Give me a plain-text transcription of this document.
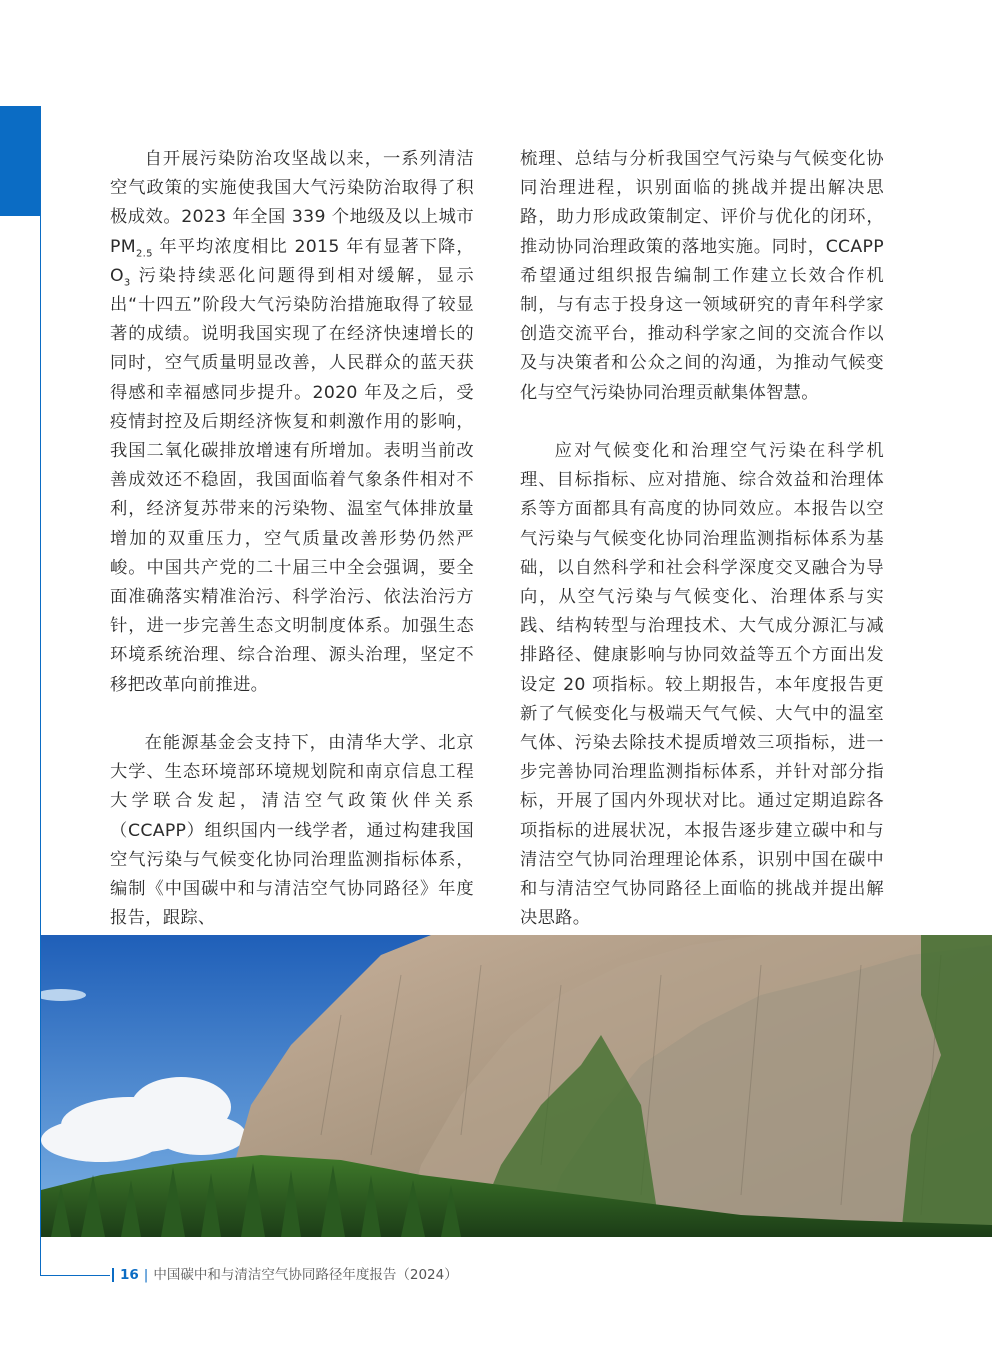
自开展污染防治攻坚战以来，一系列清洁空气政策的实施使我国大气污染防治取得了积极成效。2023 年全国 339 个地级及以上城市$PM_{2.5}$ 年平均浓度相比 2015 年有显著下降，$O_3$ 污染持续恶化问题得到相对缓解，显示出“十四五”阶段大气污染防治措施取得了较显著的成绩。说明我国实现了在经济快速增长的同时，空气质量明显改善，人民群众的蓝天获得感和幸福感同步提升。2020 年及之后，受疫情封控及后期经济恢复和刺激作用的影响，我国二氧化碳排放增速有所增加。表明当前改善成效还不稳固，我国面临着气象条件相对不利，经济复苏带来的污染物、温室气体排放量增加的双重压力，空气质量改善形势仍然严峻。中国共产党的二十届三中全会强调，要全面准确落实精准治污、科学治污、依法治污方针，进一步完善生态文明制度体系。加强生态环境系统治理、综合治理、源头治理，坚定不移把改革向前推进。

在能源基金会支持下，由清华大学、北京大学、生态环境部环境规划院和南京信息工程大学联合发起，清洁空气政策伙伴关系（CCAPP）组织国内一线学者，通过构建我国空气污染与气候变化协同治理监测指标体系，编制《中国碳中和与清洁空气协同路径》年度报告，跟踪、

梳理、总结与分析我国空气污染与气候变化协同治理进程，识别面临的挑战并提出解决思路，助力形成政策制定、评价与优化的闭环，推动协同治理政策的落地实施。同时，CCAPP 希望通过组织报告编制工作建立长效合作机制，与有志于投身这一领域研究的青年科学家创造交流平台，推动科学家之间的交流合作以及与决策者和公众之间的沟通，为推动气候变化与空气污染协同治理贡献集体智慧。

应对气候变化和治理空气污染在科学机理、目标指标、应对措施、综合效益和治理体系等方面都具有高度的协同效应。本报告以空气污染与气候变化协同治理监测指标体系为基础，以自然科学和社会科学深度交叉融合为导向，从空气污染与气候变化、治理体系与实践、结构转型与治理技术、大气成分源汇与减排路径、健康影响与协同效益等五个方面出发设定 20 项指标。较上期报告，本年度报告更新了气候变化与极端天气气候、大气中的温室气体、污染去除技术提质增效三项指标，进一步完善协同治理监测指标体系，并针对部分指标，开展了国内外现状对比。通过定期追踪各项指标的进展状况，本报告逐步建立碳中和与清洁空气协同治理理论体系，识别中国在碳中和与清洁空气协同路径上面临的挑战并提出解决思路。

16 | 中国碳中和与清洁空气协同路径年度报告（2024）
